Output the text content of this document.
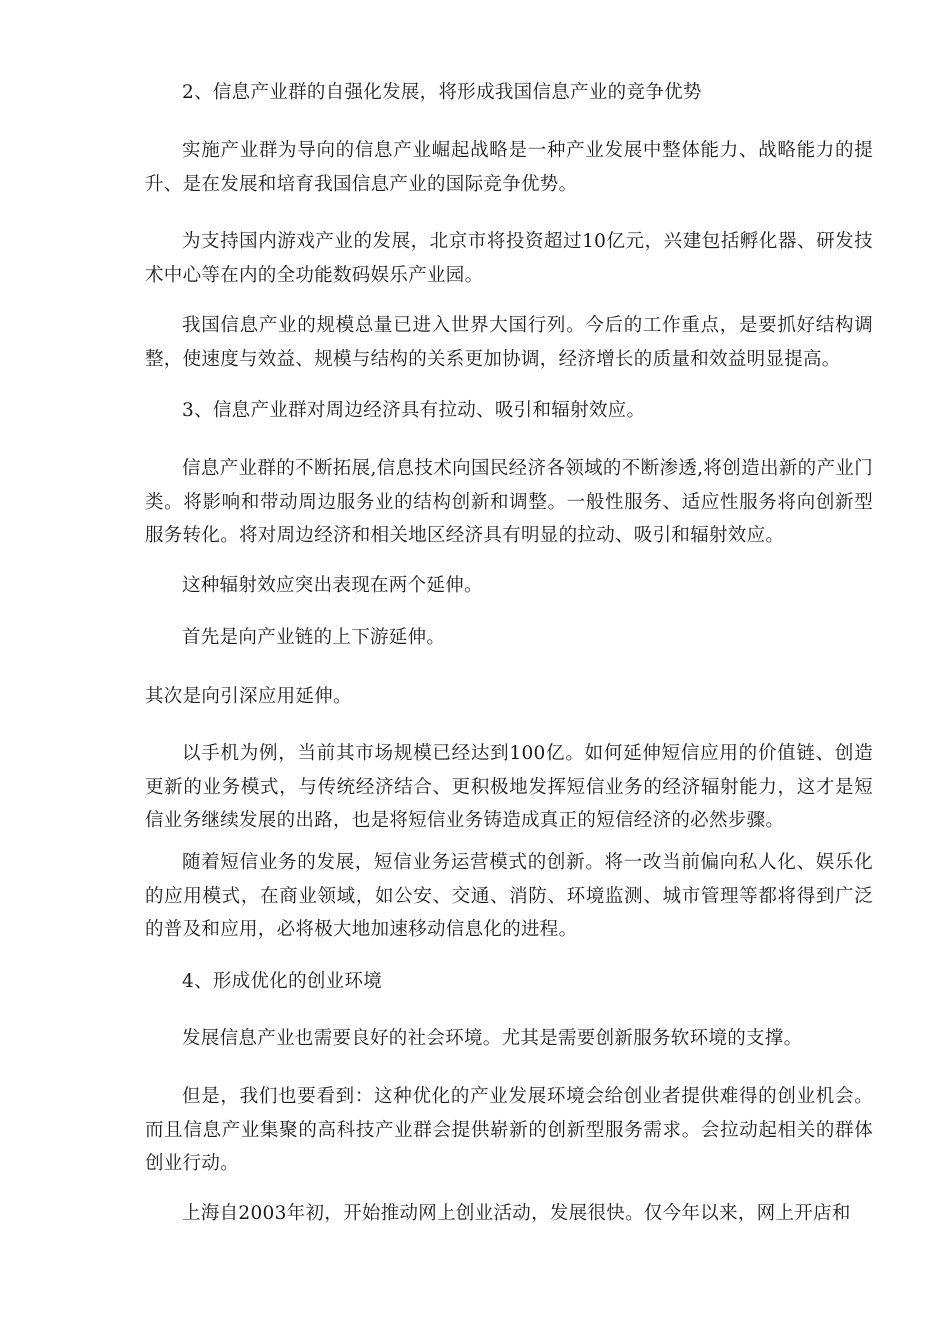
2、信息产业群的自强化发展，将形成我国信息产业的竞争优势

实施产业群为导向的信息产业崛起战略是一种产业发展中整体能力、战略能力的提升、是在发展和培育我国信息产业的国际竞争优势。

为支持国内游戏产业的发展，北京市将投资超过10亿元，兴建包括孵化器、研发技术中心等在内的全功能数码娱乐产业园。

我国信息产业的规模总量已进入世界大国行列。今后的工作重点，是要抓好结构调整，使速度与效益、规模与结构的关系更加协调，经济增长的质量和效益明显提高。

3、信息产业群对周边经济具有拉动、吸引和辐射效应。

信息产业群的不断拓展,信息技术向国民经济各领域的不断渗透,将创造出新的产业门类。将影响和带动周边服务业的结构创新和调整。一般性服务、适应性服务将向创新型服务转化。将对周边经济和相关地区经济具有明显的拉动、吸引和辐射效应。

这种辐射效应突出表现在两个延伸。

首先是向产业链的上下游延伸。

其次是向引深应用延伸。

以手机为例，当前其市场规模已经达到100亿。如何延伸短信应用的价值链、创造更新的业务模式，与传统经济结合、更积极地发挥短信业务的经济辐射能力，这才是短信业务继续发展的出路，也是将短信业务铸造成真正的短信经济的必然步骤。

随着短信业务的发展，短信业务运营模式的创新。将一改当前偏向私人化、娱乐化的应用模式，在商业领域，如公安、交通、消防、环境监测、城市管理等都将得到广泛的普及和应用，必将极大地加速移动信息化的进程。

4、形成优化的创业环境

发展信息产业也需要良好的社会环境。尤其是需要创新服务软环境的支撑。

但是，我们也要看到：这种优化的产业发展环境会给创业者提供难得的创业机会。而且信息产业集聚的高科技产业群会提供崭新的创新型服务需求。会拉动起相关的群体创业行动。

上海自2003年初，开始推动网上创业活动，发展很快。仅今年以来，网上开店和
